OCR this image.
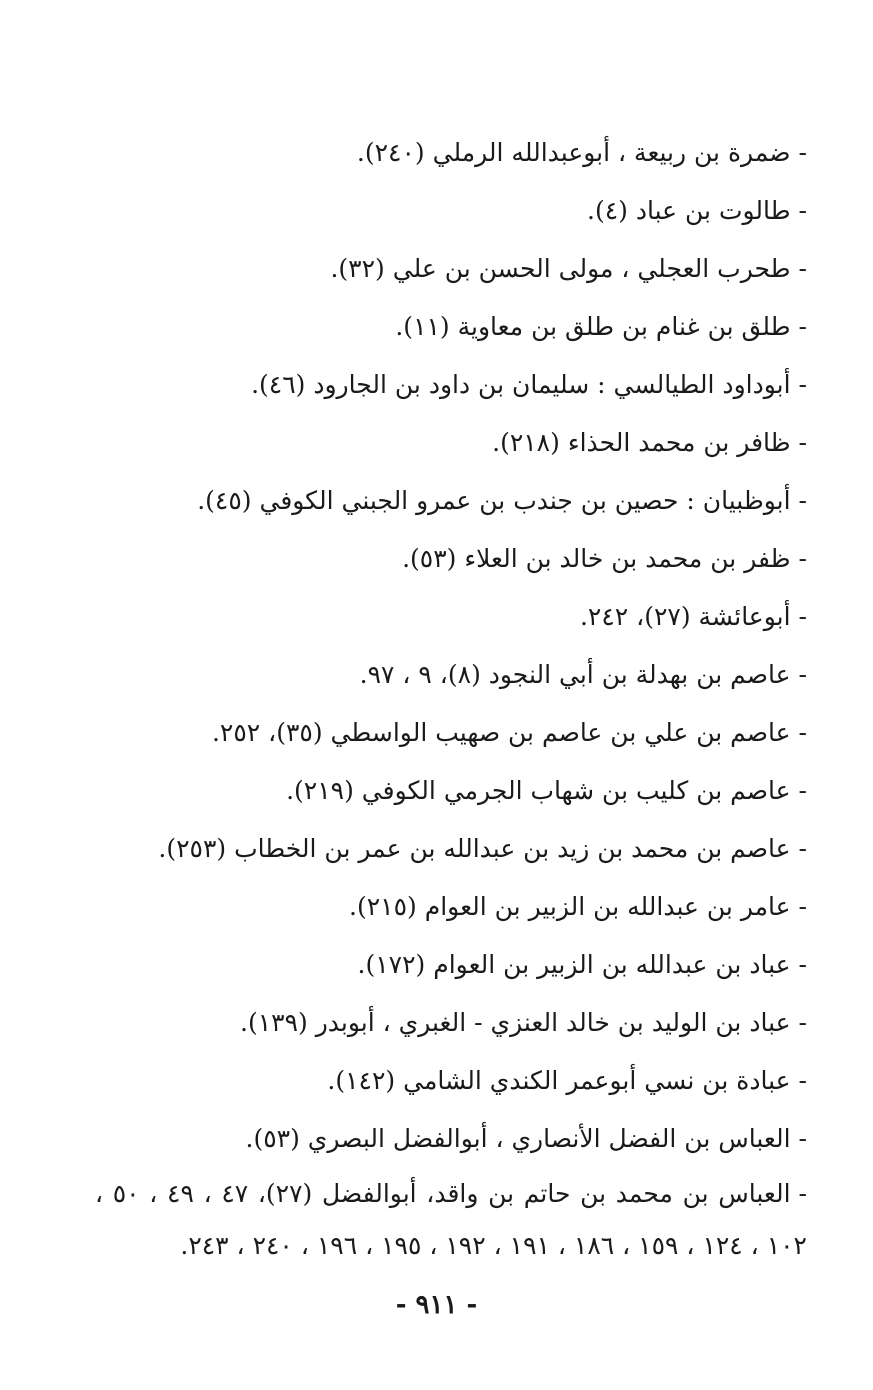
-ضمرة بن ربيعة ، أبوعبدالله الرملي (٢٤٠).
-طالوت بن عباد (٤).
-طحرب العجلي ، مولى الحسن بن علي (٣٢).
-طلق بن غنام بن طلق بن معاوية (١١).
-أبوداود الطيالسي : سليمان بن داود بن الجارود (٤٦).
-ظافر بن محمد الحذاء (٢١٨).
-أبوظبيان : حصين بن جندب بن عمرو الجبني الكوفي (٤٥).
-ظفر بن محمد بن خالد بن العلاء (٥٣).
-أبوعائشة (٢٧)، ٢٤٢.
-عاصم بن بهدلة بن أبي النجود (٨)، ٩ ، ٩٧.
-عاصم بن علي بن عاصم بن صهيب الواسطي (٣٥)، ٢٥٢.
-عاصم بن كليب بن شهاب الجرمي الكوفي (٢١٩).
-عاصم بن محمد بن زيد بن عبدالله بن عمر بن الخطاب (٢٥٣).
-عامر بن عبدالله بن الزبير بن العوام (٢١٥).
-عباد بن عبدالله بن الزبير بن العوام (١٧٢).
-عباد بن الوليد بن خالد العنزي - الغبري ، أبوبدر (١٣٩).
-عبادة بن نسي أبوعمر الكندي الشامي (١٤٢).
-العباس بن الفضل الأنصاري ، أبوالفضل البصري (٥٣).
-العباس بن محمد بن حاتم بن واقد، أبوالفضل (٢٧)، ٤٧ ، ٤٩ ، ٥٠ ، ١٠٢ ، ١٢٤ ، ١٥٩ ، ١٨٦ ، ١٩١ ، ١٩٢ ، ١٩٥ ، ١٩٦ ، ٢٤٠ ، ٢٤٣.
- ٩١١ -
